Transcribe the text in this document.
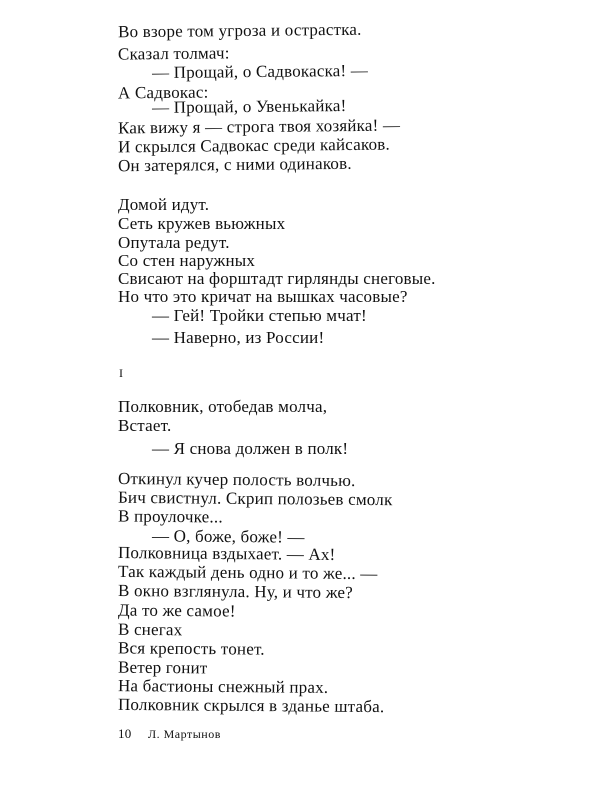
Во взоре том угроза и острастка.
Сказал толмач:
— Прощай, о Садвокаска! —
А Садвокас:
— Прощай, о Увенькайка!
Как вижу я — строга твоя хозяйка! —
И скрылся Садвокас среди кайсаков.
Он затерялся, с ними одинаков.
Домой идут.
Сеть кружев вьюжных
Опутала редут.
Со стен наружных
Свисают на форштадт гирлянды снеговые.
Но что это кричат на вышках часовые?
— Гей! Тройки степью мчат!
— Наверно, из России!
I
Полковник, отобедав молча,
Встает.
— Я снова должен в полк!
Откинул кучер полость волчью.
Бич свистнул. Скрип полозьев смолк
В проулочке...
— О, боже, боже! —
Полковница вздыхает. — Ах!
Так каждый день одно и то же... —
В окно взглянула. Ну, и что же?
Да то же самое!
В снегах
Вся крепость тонет.
Ветер гонит
На бастионы снежный прах.
Полковник скрылся в зданье штаба.
10 Л. Мартынов
